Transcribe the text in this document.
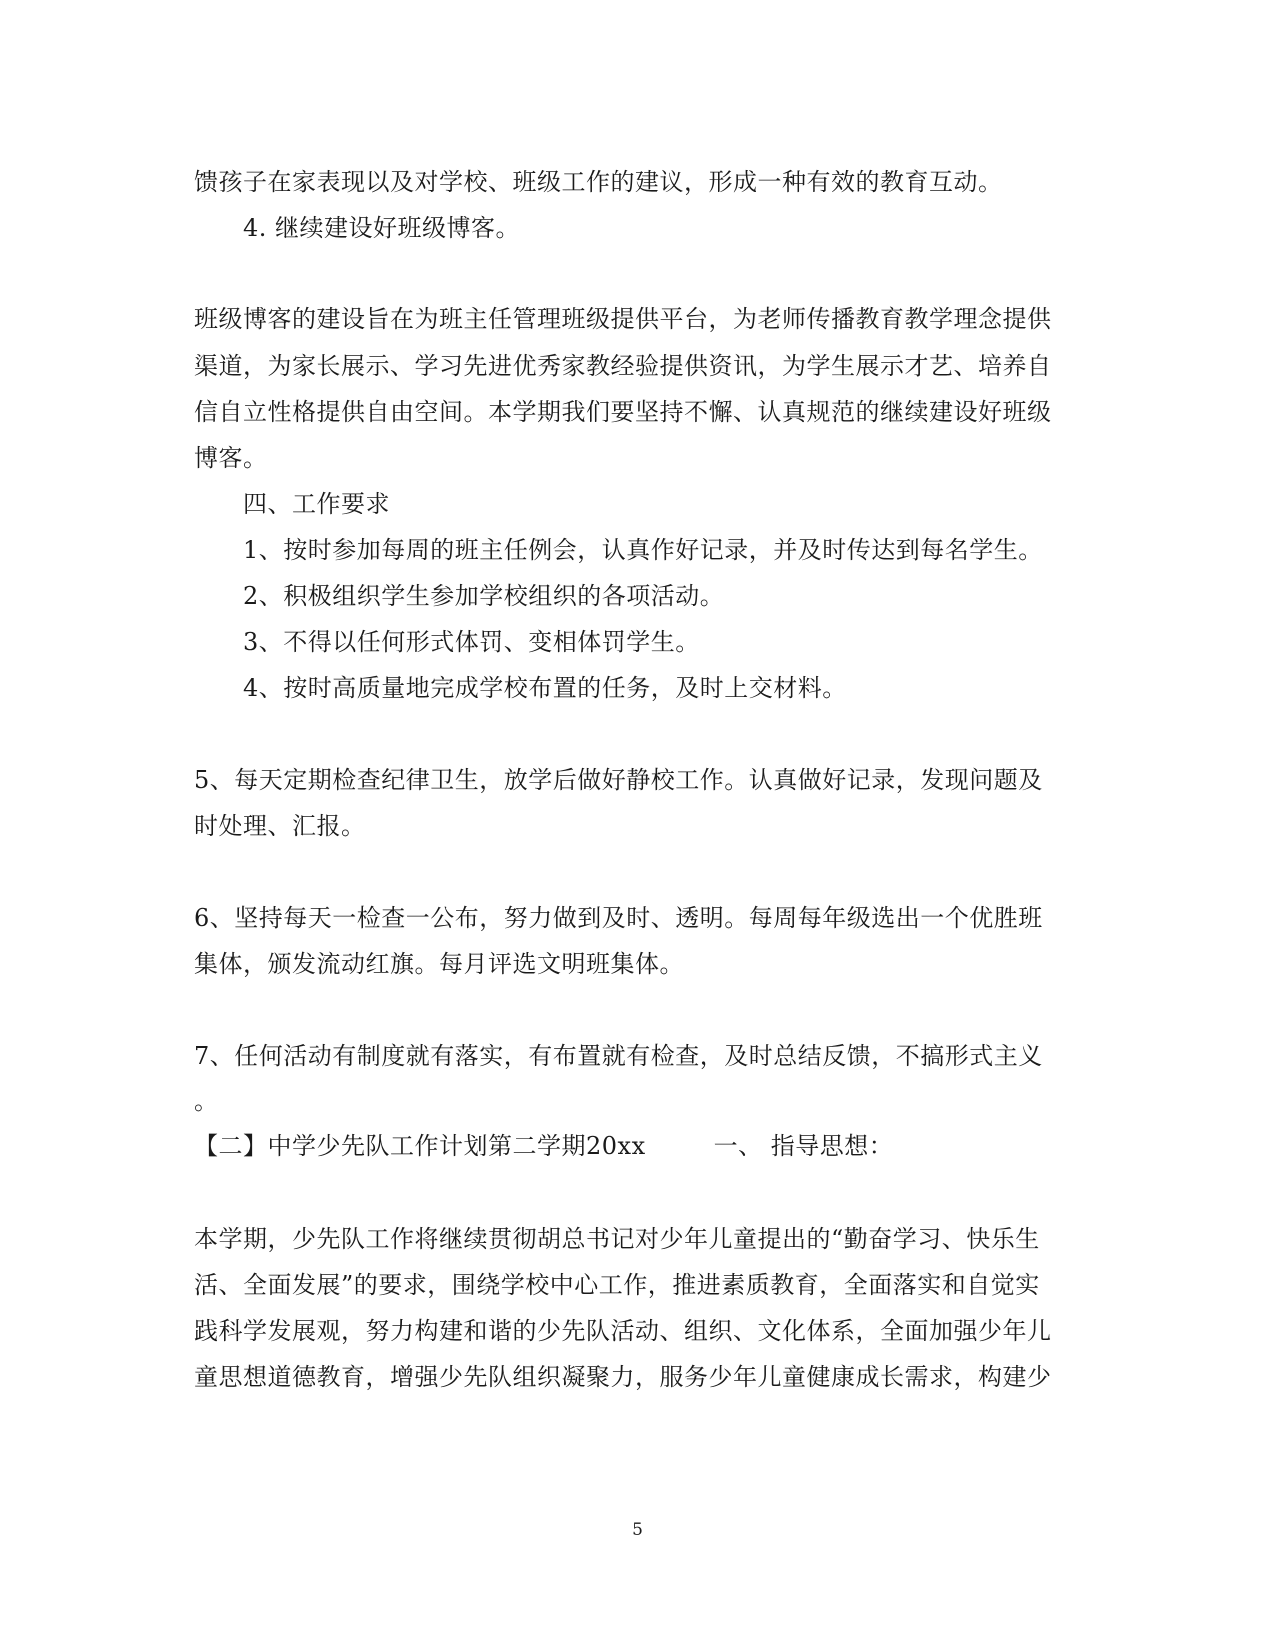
馈孩子在家表现以及对学校、班级工作的建议，形成一种有效的教育互动。
4. 继续建设好班级博客。
班级博客的建设旨在为班主任管理班级提供平台，为老师传播教育教学理念提供
渠道，为家长展示、学习先进优秀家教经验提供资讯，为学生展示才艺、培养自
信自立性格提供自由空间。本学期我们要坚持不懈、认真规范的继续建设好班级
博客。
四、工作要求
1、按时参加每周的班主任例会，认真作好记录，并及时传达到每名学生。
2、积极组织学生参加学校组织的各项活动。
3、不得以任何形式体罚、变相体罚学生。
4、按时高质量地完成学校布置的任务，及时上交材料。
5、每天定期检查纪律卫生，放学后做好静校工作。认真做好记录，发现问题及
时处理、汇报。
6、坚持每天一检查一公布，努力做到及时、透明。每周每年级选出一个优胜班
集体，颁发流动红旗。每月评选文明班集体。
7、任何活动有制度就有落实，有布置就有检查，及时总结反馈，不搞形式主义
。
【二】中学少先队工作计划第二学期20xx	一、 指导思想：
本学期，少先队工作将继续贯彻胡总书记对少年儿童提出的“勤奋学习、快乐生
活、全面发展”的要求，围绕学校中心工作，推进素质教育，全面落实和自觉实
践科学发展观，努力构建和谐的少先队活动、组织、文化体系，全面加强少年儿
童思想道德教育，增强少先队组织凝聚力，服务少年儿童健康成长需求，构建少
5
